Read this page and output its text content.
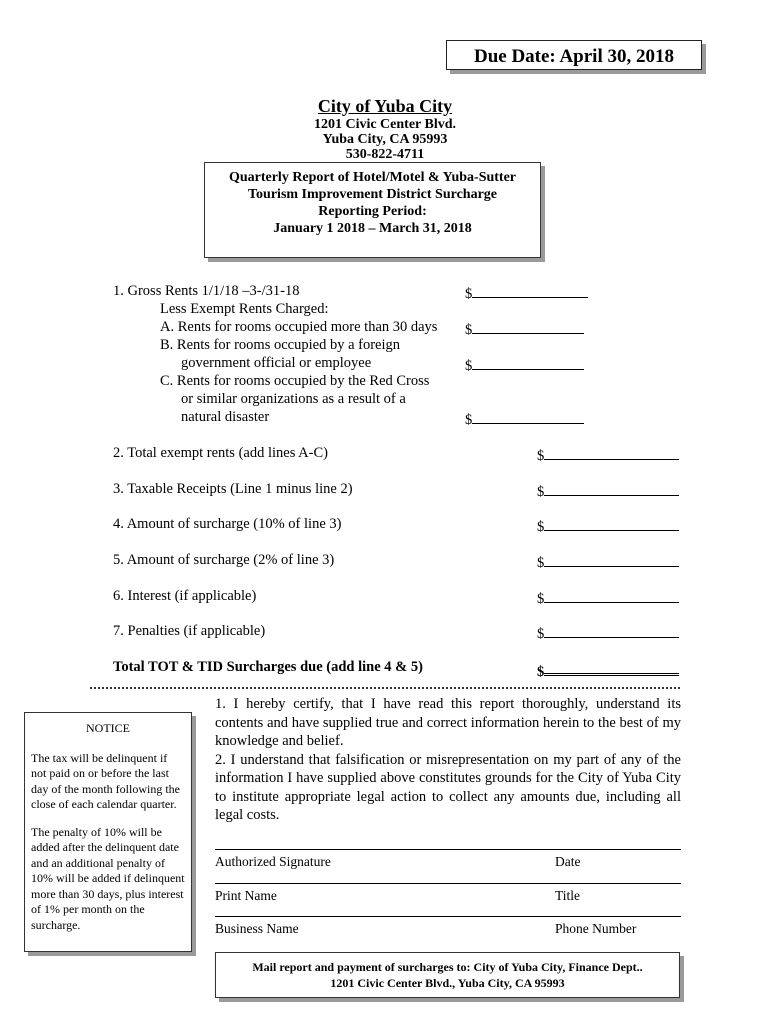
Due Date: April 30, 2018
City of Yuba City
1201 Civic Center Blvd.
Yuba City, CA 95993
530-822-4711
Quarterly Report of Hotel/Motel & Yuba-Sutter
Tourism Improvement District Surcharge
Reporting Period:
January 1 2018 – March 31, 2018
1. Gross Rents 1/1/18 –3-/31-18	$
Less Exempt Rents Charged:
A. Rents for rooms occupied more than 30 days $
B. Rents for rooms occupied by a foreign
government official or employee	$
C. Rents for rooms occupied by the Red Cross
or similar organizations as a result of a
natural disaster	$
2. Total exempt rents (add lines A-C)	$
3. Taxable Receipts (Line 1 minus line 2)	$
4. Amount of surcharge (10% of line 3)	$
5. Amount of surcharge (2% of line 3)	$
6. Interest (if applicable)	$
7. Penalties (if applicable)	$
Total TOT & TID Surcharges due (add line 4 & 5)	$
NOTICE

The tax will be delinquent if not paid on or before the last day of the month following the close of each calendar quarter.

The penalty of 10% will be added after the delinquent date and an additional penalty of 10% will be added if delinquent more than 30 days, plus interest of 1% per month on the surcharge.

1. I hereby certify, that I have read this report thoroughly, understand its contents and have supplied true and correct information herein to the best of my knowledge and belief.
2. I understand that falsification or misrepresentation on my part of any of the information I have supplied above constitutes grounds for the City of Yuba City to institute appropriate legal action to collect any amounts due, including all legal costs.
Authorized Signature	Date
Print Name	Title
Business Name	Phone Number
Mail report and payment of surcharges to: City of Yuba City, Finance Dept..
1201 Civic Center Blvd., Yuba City, CA 95993
